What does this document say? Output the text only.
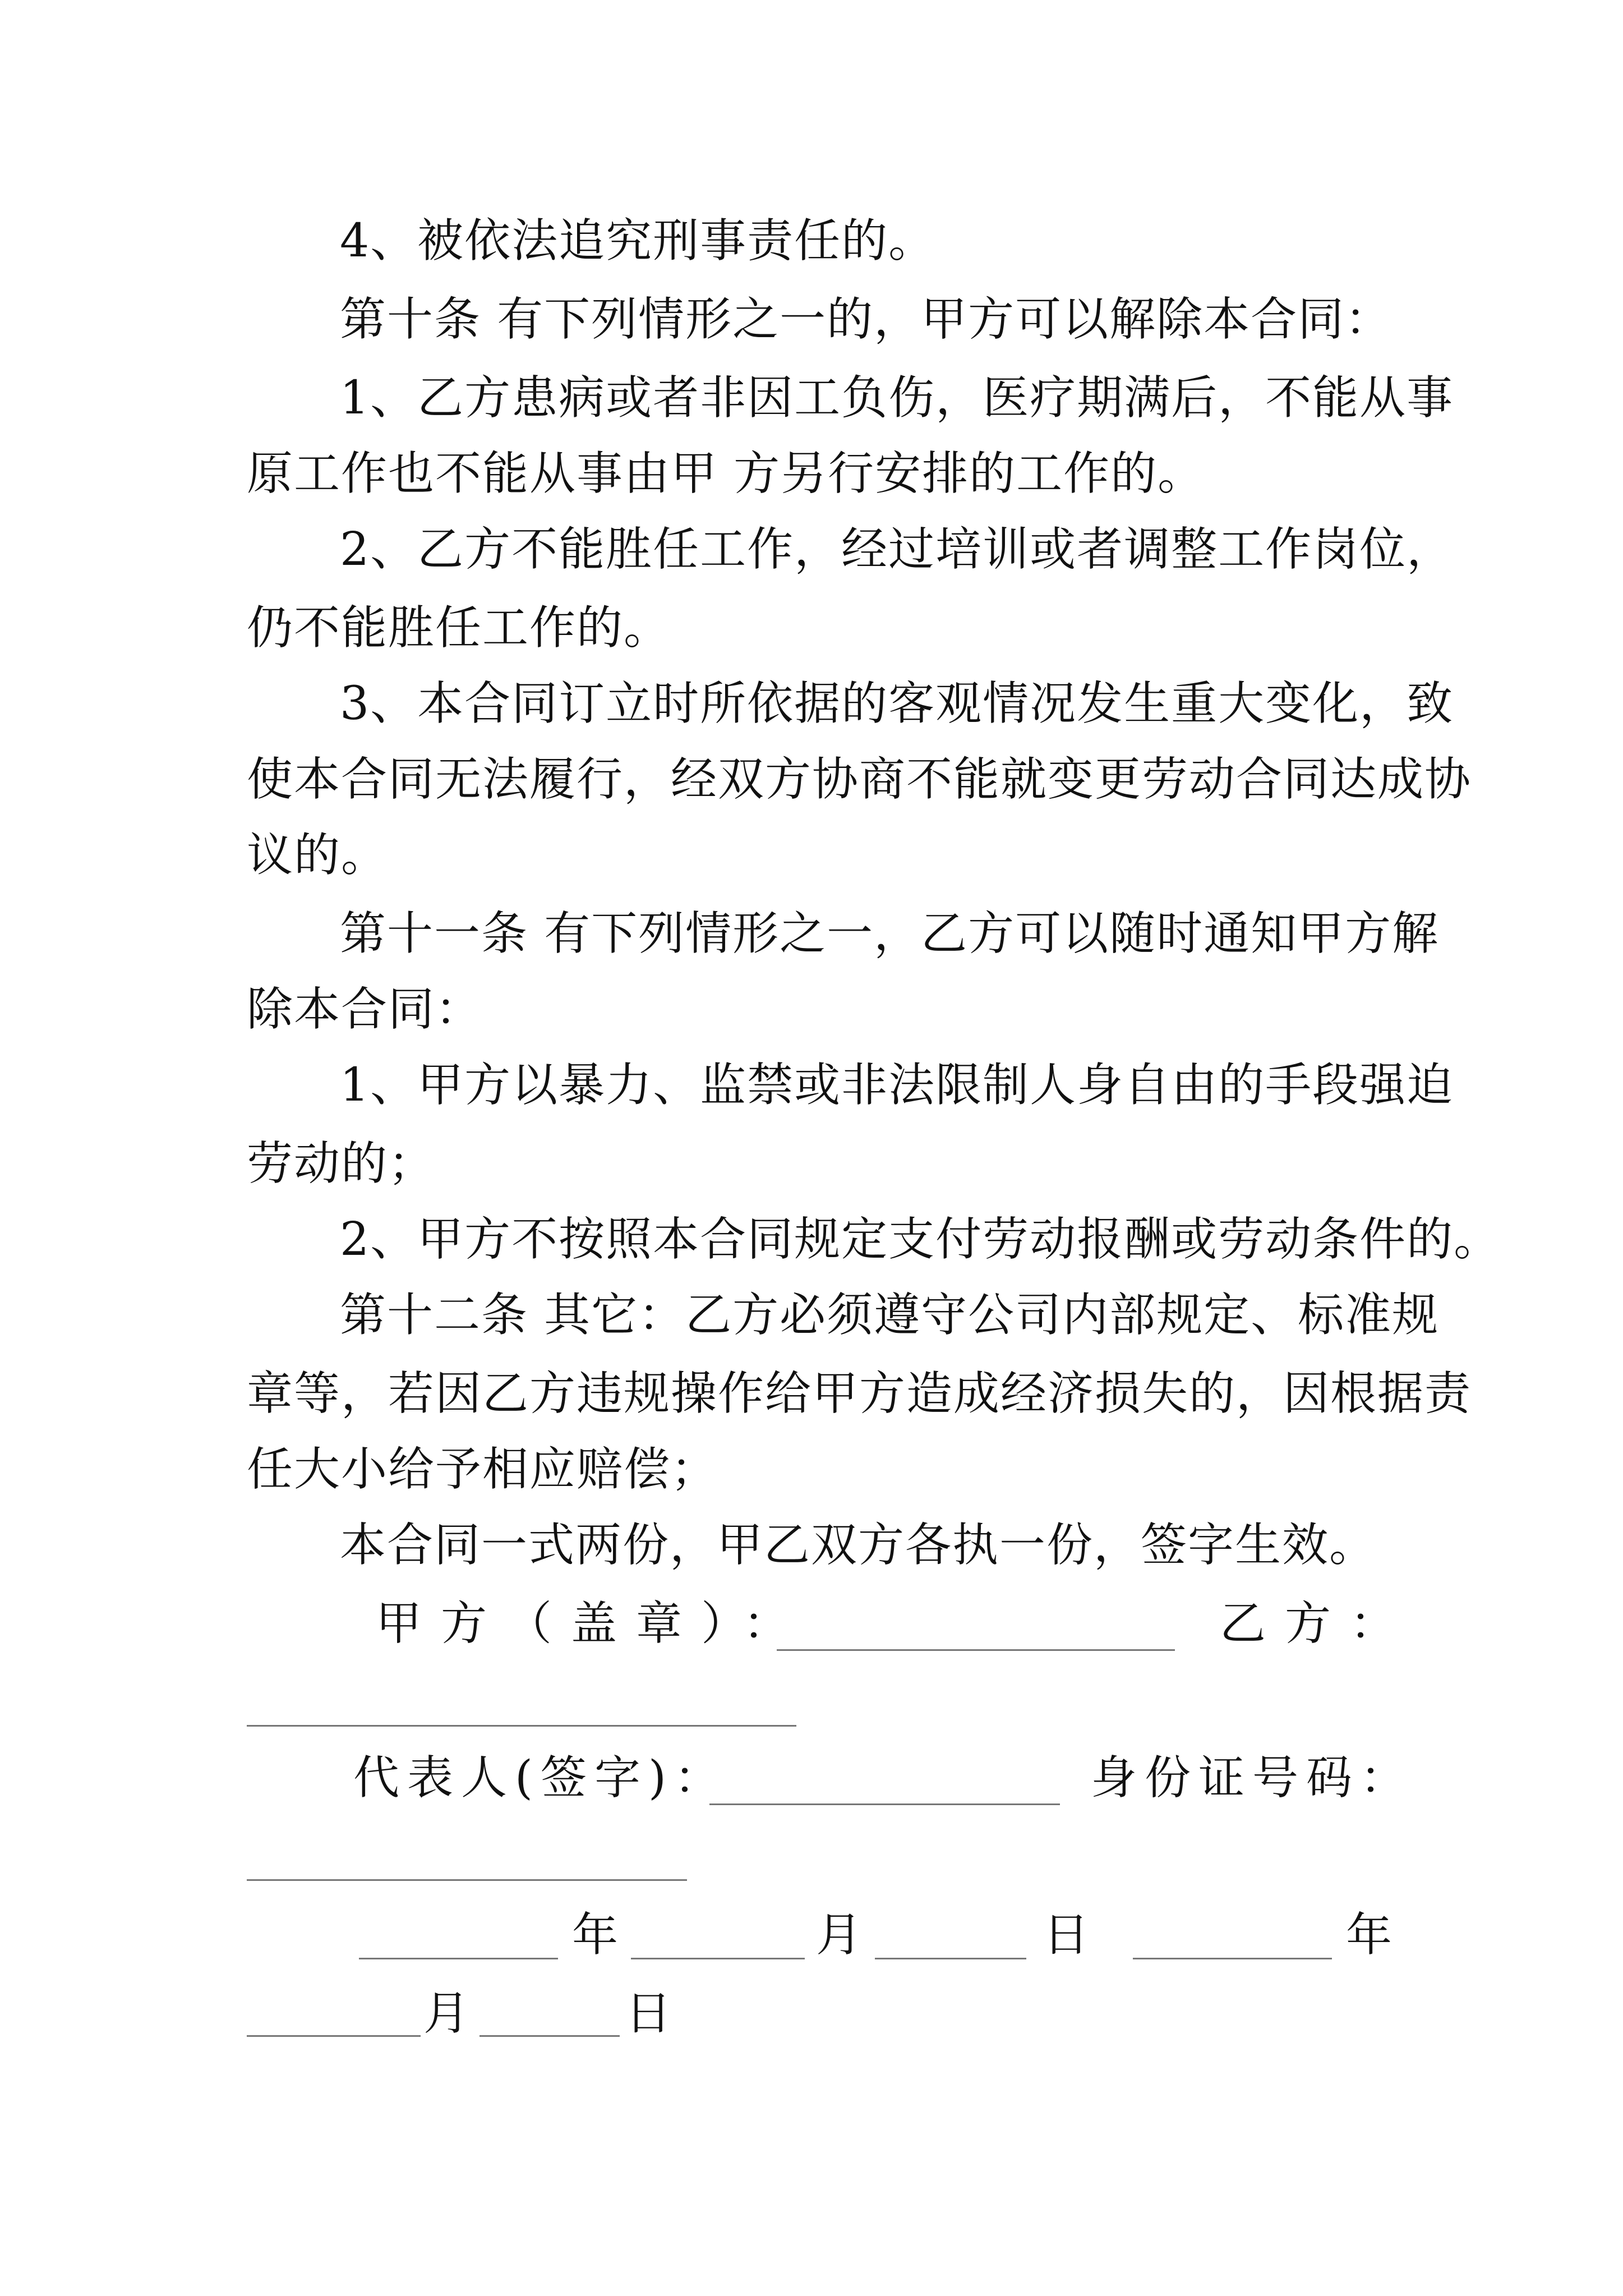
4、被依法追究刑事责任的。
第十条 有下列情形之一的，甲方可以解除本合同：
1、乙方患病或者非因工负伤，医疗期满后，不能从事
原工作也不能从事由甲 方另行安排的工作的。
2、乙方不能胜任工作，经过培训或者调整工作岗位，
仍不能胜任工作的。
3、本合同订立时所依据的客观情况发生重大变化，致
使本合同无法履行，经双方协商不能就变更劳动合同达成协
议的。
第十一条 有下列情形之一，乙方可以随时通知甲方解
除本合同：
1、甲方以暴力、监禁或非法限制人身自由的手段强迫
劳动的；
2、甲方不按照本合同规定支付劳动报酬或劳动条件的。
第十二条 其它：乙方必须遵守公司内部规定、标准规
章等，若因乙方违规操作给甲方造成经济损失的，因根据责
任大小给予相应赔偿；
本合同一式两份，甲乙双方各执一份，签字生效。
甲方（盖章）：	乙方：
代表人(签字)：	身份证号码：
年	月	日	年
月	日
